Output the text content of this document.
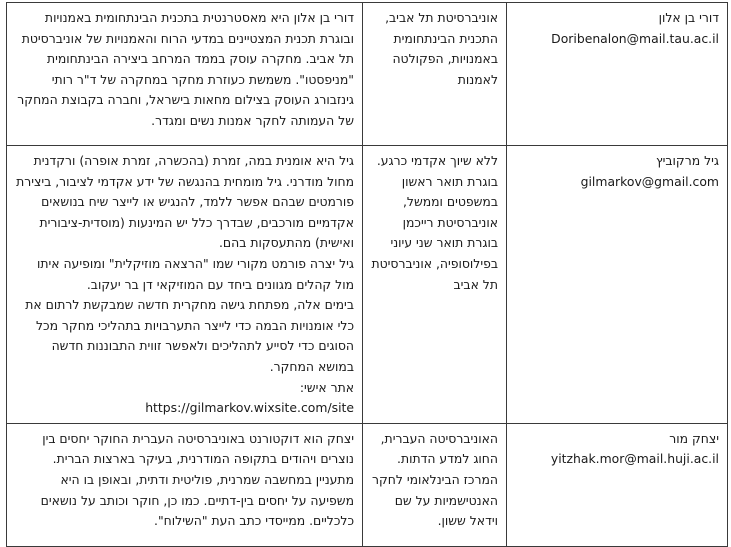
דורי בן אלון
Doribenalon@mail.tau.ac.il	אוניברסיטת תל אביב, התכנית הבינתחומית באמנויות, הפקולטה לאמנות	דורי בן אלון היא מאסטרנטית בתכנית הבינתחומית באמנויות ובוגרת תכנית המצטיינים במדעי הרוח והאמנויות של אוניברסיטת תל אביב. מחקרה עוסק בממד המרחב ביצירה הבינתחומית "מניפסטו". משמשת כעוזרת מחקר במחקרה של ד"ר רותי גינזבורג העוסק בצילום מחאות בישראל, וחברה בקבוצת המחקר של העמותה לחקר אמנות נשים ומגדר.

גיל מרקוביץ
gilmarkov@gmail.com	ללא שיוך אקדמי כרגע. בוגרת תואר ראשון במשפטים וממשל, אוניברסיטת רייכמן בוגרת תואר שני עיוני בפילוסופיה, אוניברסיטת תל אביב	גיל היא אומנית במה, זמרת (בהכשרה, זמרת אופרה) ורקדנית מחול מודרני. גיל מומחית בהנגשה של ידע אקדמי לציבור, ביצירת פורמטים שבהם אפשר ללמד, להנגיש או לייצר שיח בנושאים אקדמיים מורכבים, שבדרך כלל יש המינעות (מוסדית-ציבורית ואישית) מהתעסקות בהם.
גיל יצרה פורמט מקורי שמו "הרצאה מוזיקלית" ומופיעה איתו מול קהלים מגוונים ביחד עם המוזיקאי דן בר יעקוב.
בימים אלה, מפתחת גישה מחקרית חדשה שמבקשת לרתום את כלי אומנויות הבמה כדי לייצר התערבויות בתהליכי מחקר מכל הסוגים כדי לסייע לתהליכים ולאפשר זווית התבוננות חדשה במושא המחקר.
אתר אישי:
https://gilmarkov.wixsite.com/site

יצחק מור
yitzhak.mor@mail.huji.ac.il	האוניברסיטה העברית, החוג למדע הדתות. המרכז הבינלאומי לחקר האנטישמיות על שם וידאל ששון.	יצחק הוא דוקטורנט באוניברסיטה העברית החוקר יחסים בין נוצרים ויהודים בתקופה המודרנית, בעיקר בארצות הברית. מתעניין במחשבה שמרנית, פוליטית ודתית, ובאופן בו היא משפיעה על יחסים בין-דתיים. כמו כן, חוקר וכותב על נושאים כלכליים. ממייסדי כתב העת "השילוח".
